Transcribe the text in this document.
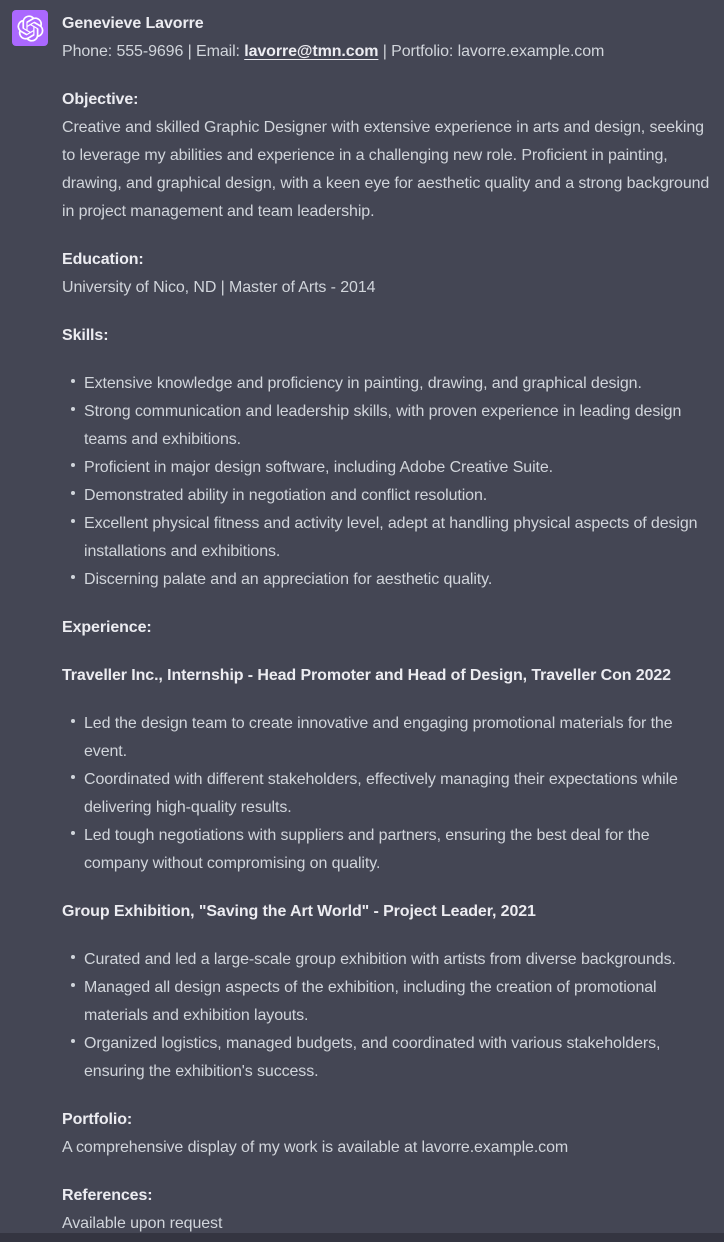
Genevieve Lavorre
Phone: 555-9696 | Email: lavorre@tmn.com | Portfolio: lavorre.example.com

Objective:
Creative and skilled Graphic Designer with extensive experience in arts and design, seeking to leverage my abilities and experience in a challenging new role. Proficient in painting, drawing, and graphical design, with a keen eye for aesthetic quality and a strong background in project management and team leadership.

Education:
University of Nico, ND | Master of Arts - 2014

Skills:

Extensive knowledge and proficiency in painting, drawing, and graphical design.
Strong communication and leadership skills, with proven experience in leading design teams and exhibitions.
Proficient in major design software, including Adobe Creative Suite.
Demonstrated ability in negotiation and conflict resolution.
Excellent physical fitness and activity level, adept at handling physical aspects of design installations and exhibitions.
Discerning palate and an appreciation for aesthetic quality.

Experience:

Traveller Inc., Internship - Head Promoter and Head of Design, Traveller Con 2022

Led the design team to create innovative and engaging promotional materials for the event.
Coordinated with different stakeholders, effectively managing their expectations while delivering high-quality results.
Led tough negotiations with suppliers and partners, ensuring the best deal for the company without compromising on quality.

Group Exhibition, "Saving the Art World" - Project Leader, 2021

Curated and led a large-scale group exhibition with artists from diverse backgrounds.
Managed all design aspects of the exhibition, including the creation of promotional materials and exhibition layouts.
Organized logistics, managed budgets, and coordinated with various stakeholders, ensuring the exhibition's success.

Portfolio:
A comprehensive display of my work is available at lavorre.example.com

References:
Available upon request
